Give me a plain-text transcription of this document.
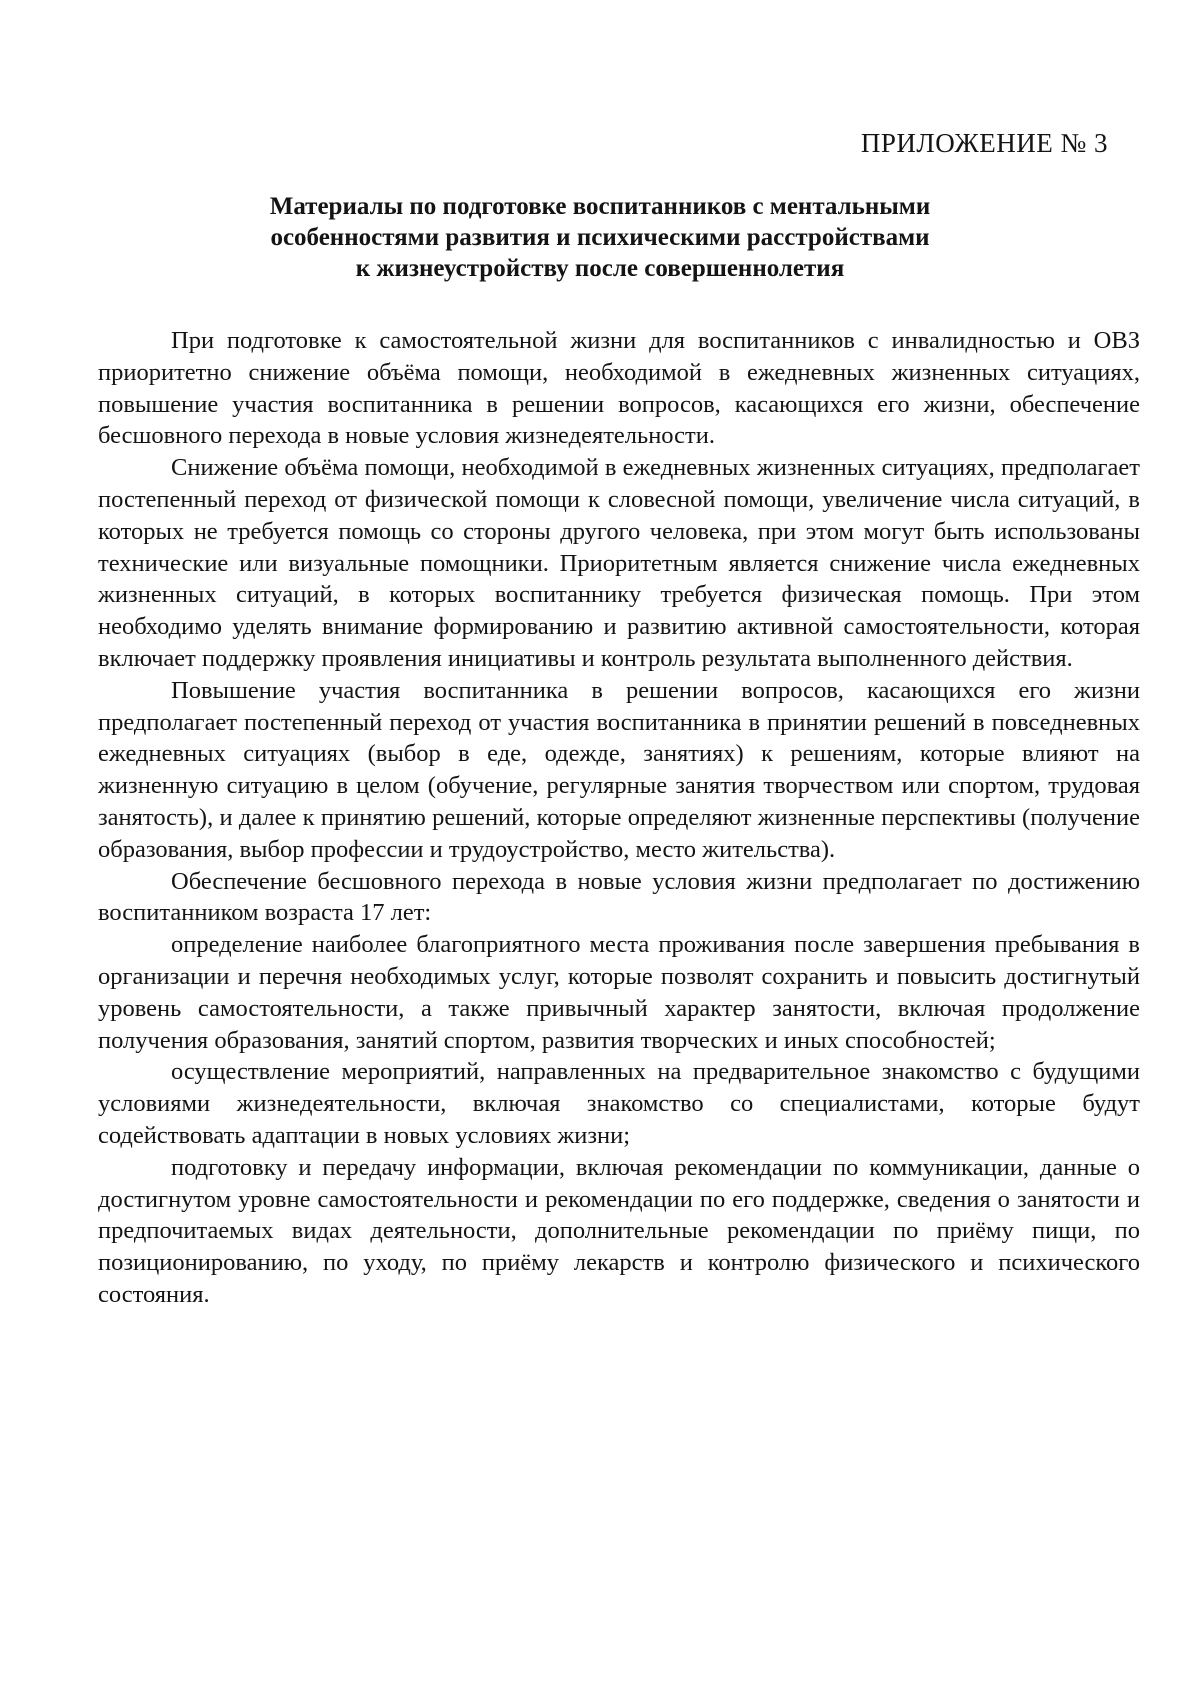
ПРИЛОЖЕНИЕ № 3
Материалы по подготовке воспитанников с ментальными
особенностями развития и психическими расстройствами
к жизнеустройству после совершеннолетия

При подготовке к самостоятельной жизни для воспитанников с инвалидностью и ОВЗ приоритетно снижение объёма помощи, необходимой в ежедневных жизненных ситуациях, повышение участия воспитанника в решении вопросов, касающихся его жизни, обеспечение бесшовного перехода в новые условия жизнедеятельности.

Снижение объёма помощи, необходимой в ежедневных жизненных ситуациях, предполагает постепенный переход от физической помощи к словесной помощи, увеличение числа ситуаций, в которых не требуется помощь со стороны другого человека, при этом могут быть использованы технические или визуальные помощники. Приоритетным является снижение числа ежедневных жизненных ситуаций, в которых воспитаннику требуется физическая помощь. При этом необходимо уделять внимание формированию и развитию активной самостоятельности, которая включает поддержку проявления инициативы и контроль результата выполненного действия.

Повышение участия воспитанника в решении вопросов, касающихся его жизни предполагает постепенный переход от участия воспитанника в принятии решений в повседневных ежедневных ситуациях (выбор в еде, одежде, занятиях) к решениям, которые влияют на жизненную ситуацию в целом (обучение, регулярные занятия творчеством или спортом, трудовая занятость), и далее к принятию решений, которые определяют жизненные перспективы (получение образования, выбор профессии и трудоустройство, место жительства).

Обеспечение бесшовного перехода в новые условия жизни предполагает по достижению воспитанником возраста 17 лет:

определение наиболее благоприятного места проживания после завершения пребывания в организации и перечня необходимых услуг, которые позволят сохранить и повысить достигнутый уровень самостоятельности, а также привычный характер занятости, включая продолжение получения образования, занятий спортом, развития творческих и иных способностей;

осуществление мероприятий, направленных на предварительное знакомство с будущими условиями жизнедеятельности, включая знакомство со специалистами, которые будут содействовать адаптации в новых условиях жизни;

подготовку и передачу информации, включая рекомендации по коммуникации, данные о достигнутом уровне самостоятельности и рекомендации по его поддержке, сведения о занятости и предпочитаемых видах деятельности, дополнительные рекомендации по приёму пищи, по позиционированию, по уходу, по приёму лекарств и контролю физического и психического состояния.
